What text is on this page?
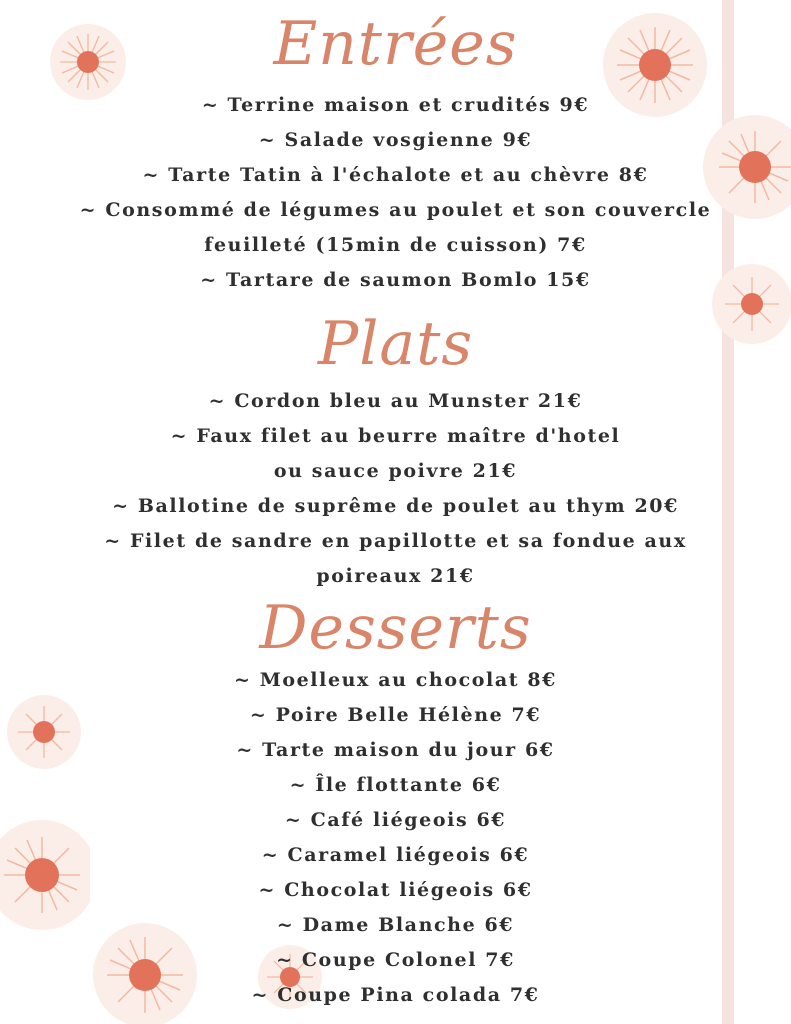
Entrées

~ Terrine maison et crudités 9€

~ Salade vosgienne 9€

~ Tarte Tatin à l'échalote et au chèvre 8€

~ Consommé de légumes au poulet et son couvercle

feuilleté (15min de cuisson) 7€

~ Tartare de saumon Bomlo 15€

Plats

~ Cordon bleu au Munster 21€

~ Faux filet au beurre maître d'hotel

ou sauce poivre 21€

~ Ballotine de suprême de poulet au thym 20€

~ Filet de sandre en papillotte et sa fondue aux

poireaux 21€

Desserts

~ Moelleux au chocolat 8€

~ Poire Belle Hélène 7€

~ Tarte maison du jour 6€

~ Île flottante 6€

~ Café liégeois 6€

~ Caramel liégeois 6€

~ Chocolat liégeois 6€

~ Dame Blanche 6€

~ Coupe Colonel 7€

~ Coupe Pina colada 7€
